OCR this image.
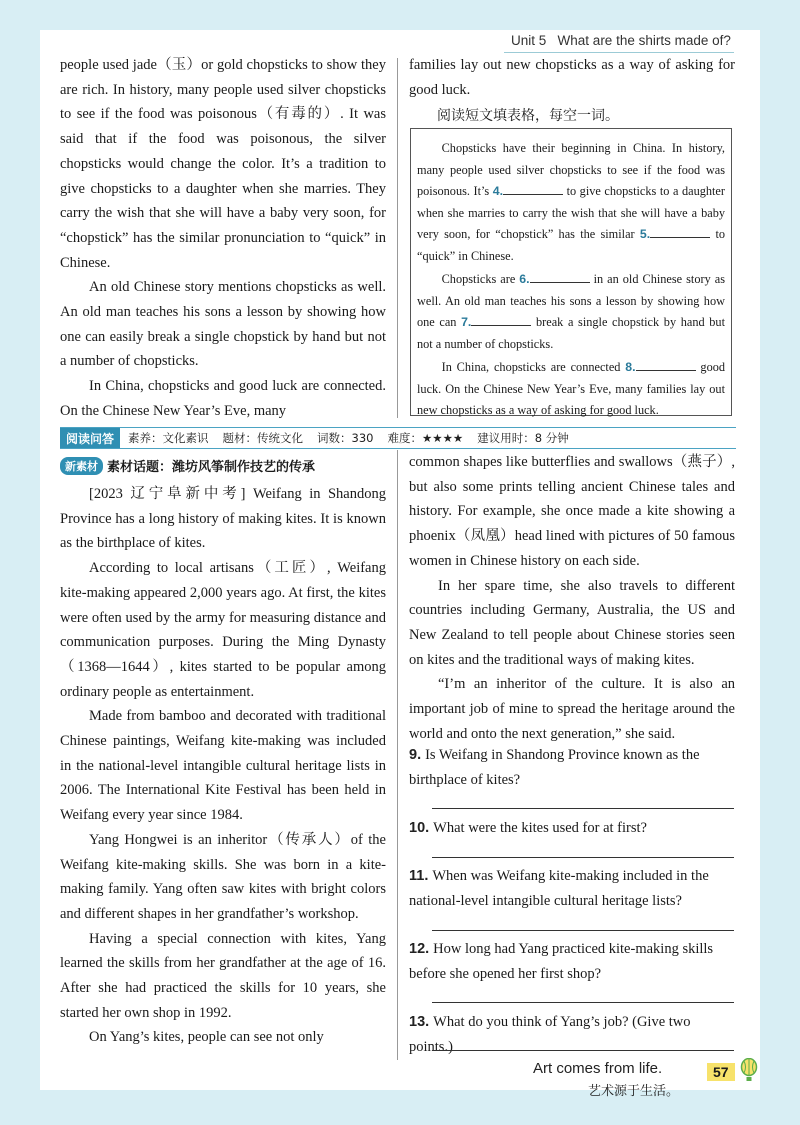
Unit 5 What are the shirts made of?

people used jade（玉）or gold chopsticks to show they are rich. In history, many people used silver chopsticks to see if the food was poisonous（有毒的）. It was said that if the food was poisonous, the silver chopsticks would change the color. It’s a tradition to give chopsticks to a daughter when she marries. They carry the wish that she will have a baby very soon, for “chopstick” has the similar pronunciation to “quick” in Chinese.

An old Chinese story mentions chopsticks as well. An old man teaches his sons a lesson by showing how one can easily break a single chopstick by hand but not a number of chopsticks.

In China, chopsticks and good luck are connected. On the Chinese New Year’s Eve, many

families lay out new chopsticks as a way of asking for good luck.

阅读短文填表格，每空一词。

Chopsticks have their beginning in China. In history, many people used silver chopsticks to see if the food was poisonous. It’s 4.	to give chopsticks to a daughter when she marries to carry the wish that she will have a baby very soon, for “chopstick” has the similar 5.	to “quick” in Chinese.

Chopsticks are 6.	in an old Chinese story as well. An old man teaches his sons a lesson by showing how one can 7.	break a single chopstick by hand but not a number of chopsticks.

In China, chopsticks are connected 8.	good luck. On the Chinese New Year’s Eve, many families lay out new chopsticks as a way of asking for good luck.

阅读问答	素养：文化素识 题材：传统文化 词数：330 难度：★★★★ 建议用时：8 分钟
新素材 素材话题：潍坊风筝制作技艺的传承

[2023 辽宁阜新中考] Weifang in Shandong Province has a long history of making kites. It is known as the birthplace of kites.

According to local artisans（工匠）, Weifang kite-making appeared 2,000 years ago. At first, the kites were often used by the army for measuring distance and communication purposes. During the Ming Dynasty（1368—1644）, kites started to be popular among ordinary people as entertainment.

Made from bamboo and decorated with traditional Chinese paintings, Weifang kite-making was included in the national-level intangible cultural heritage lists in 2006. The International Kite Festival has been held in Weifang every year since 1984.

Yang Hongwei is an inheritor（传承人）of the Weifang kite-making skills. She was born in a kite-making family. Yang often saw kites with bright colors and different shapes in her grandfather’s workshop.

Having a special connection with kites, Yang learned the skills from her grandfather at the age of 16. After she had practiced the skills for 10 years, she started her own shop in 1992.

On Yang’s kites, people can see not only

common shapes like butterflies and swallows（燕子）, but also some prints telling ancient Chinese tales and history. For example, she once made a kite showing a phoenix（凤凰）head lined with pictures of 50 famous women in Chinese history on each side.

In her spare time, she also travels to different countries including Germany, Australia, the US and New Zealand to tell people about Chinese stories seen on kites and the traditional ways of making kites.

“I’m an inheritor of the culture. It is also an important job of mine to spread the heritage around the world and onto the next generation,” she said.

9. Is Weifang in Shandong Province known as the birthplace of kites?
10. What were the kites used for at first?
11. When was Weifang kite-making included in the national-level intangible cultural heritage lists?
12. How long had Yang practiced kite-making skills before she opened her first shop?
13. What do you think of Yang’s job? (Give two points.)
Art comes from life.
艺术源于生活。
57
